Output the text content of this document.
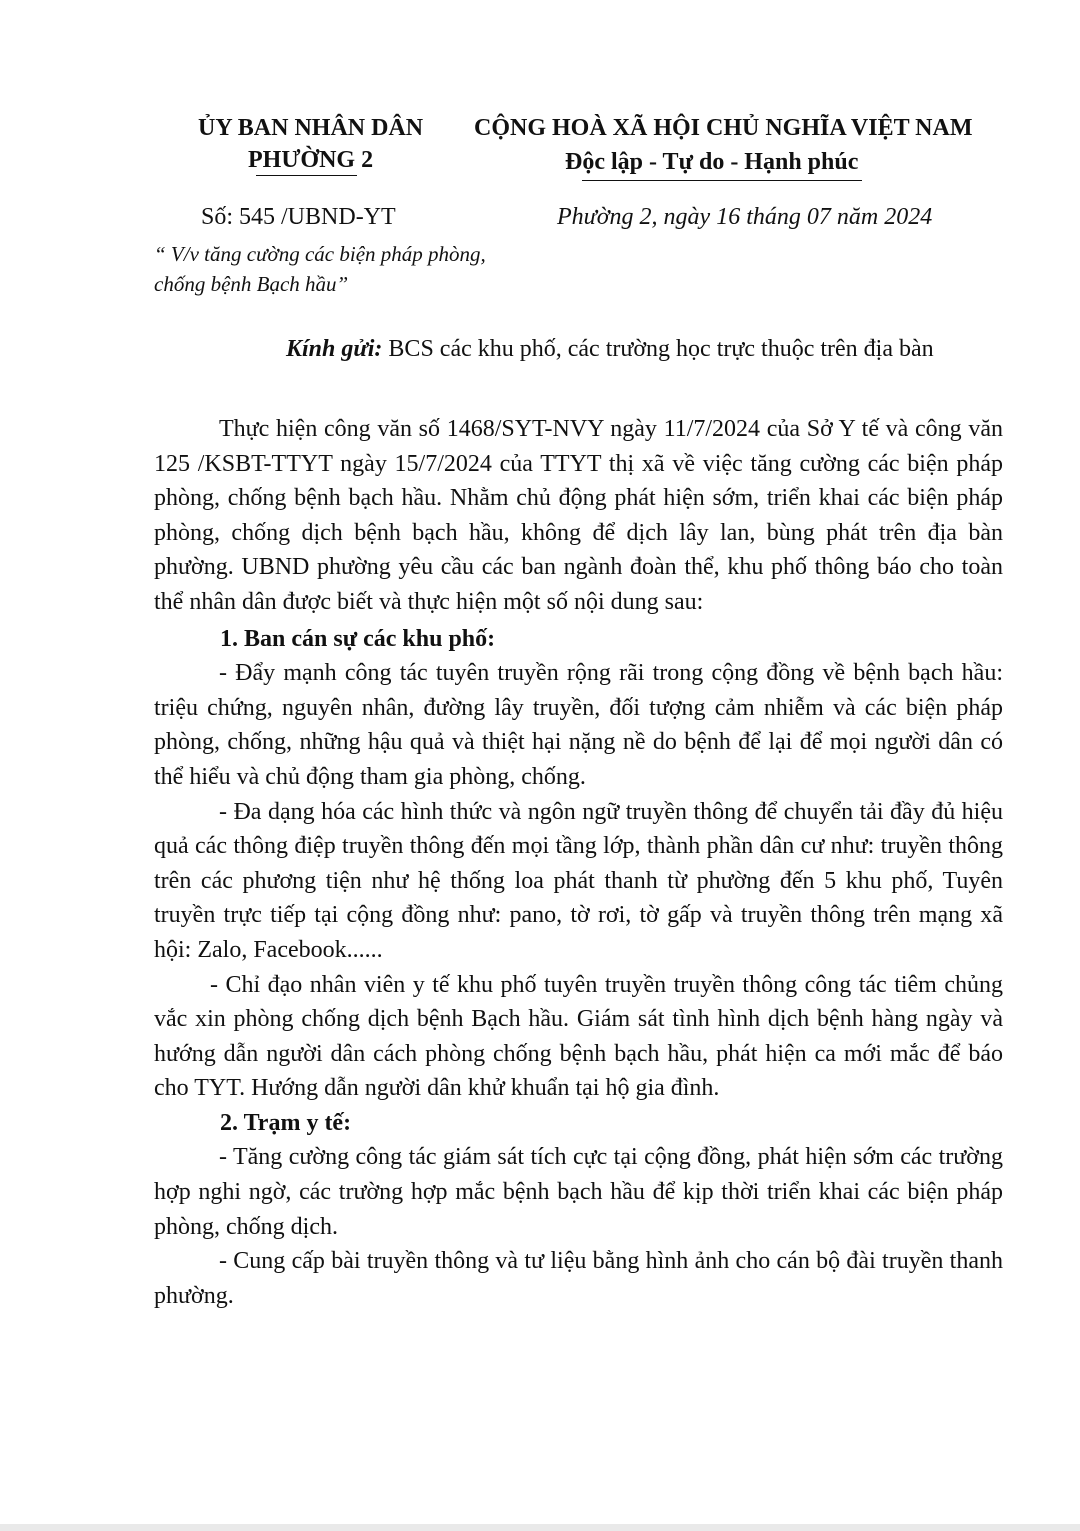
ỦY BAN NHÂN DÂN
PHƯỜNG 2
CỘNG HOÀ XÃ HỘI CHỦ NGHĨA VIỆT NAM
Độc lập - Tự do - Hạnh phúc
Số: 545 /UBND-YT	Phường 2, ngày 16 tháng 07 năm 2024
“ V/v tăng cường các biện pháp phòng,
chống bệnh Bạch hầu”
Kính gửi: BCS các khu phố, các trường học trực thuộc trên địa bàn

Thực hiện công văn số 1468/SYT-NVY ngày 11/7/2024 của Sở Y tế và công văn 125 /KSBT-TTYT ngày 15/7/2024 của TTYT thị xã về việc tăng cường các biện pháp phòng, chống bệnh bạch hầu. Nhằm chủ động phát hiện sớm, triển khai các biện pháp phòng, chống dịch bệnh bạch hầu, không để dịch lây lan, bùng phát trên địa bàn phường. UBND phường yêu cầu các ban ngành đoàn thể, khu phố thông báo cho toàn thể nhân dân được biết và thực hiện một số nội dung sau:

1. Ban cán sự các khu phố:

- Đẩy mạnh công tác tuyên truyền rộng rãi trong cộng đồng về bệnh bạch hầu: triệu chứng, nguyên nhân, đường lây truyền, đối tượng cảm nhiễm và các biện pháp phòng, chống, những hậu quả và thiệt hại nặng nề do bệnh để lại để mọi người dân có thể hiểu và chủ động tham gia phòng, chống.

- Đa dạng hóa các hình thức và ngôn ngữ truyền thông để chuyển tải đầy đủ hiệu quả các thông điệp truyền thông đến mọi tầng lớp, thành phần dân cư như: truyền thông trên các phương tiện như hệ thống loa phát thanh từ phường đến 5 khu phố, Tuyên truyền trực tiếp tại cộng đồng như: pano, tờ rơi, tờ gấp và truyền thông trên mạng xã hội: Zalo, Facebook......

- Chỉ đạo nhân viên y tế khu phố tuyên truyền truyền thông công tác tiêm chủng vắc xin phòng chống dịch bệnh Bạch hầu. Giám sát tình hình dịch bệnh hàng ngày và hướng dẫn người dân cách phòng chống bệnh bạch hầu, phát hiện ca mới mắc để báo cho TYT. Hướng dẫn người dân khử khuẩn tại hộ gia đình.

2. Trạm y tế:

- Tăng cường công tác giám sát tích cực tại cộng đồng, phát hiện sớm các trường hợp nghi ngờ, các trường hợp mắc bệnh bạch hầu để kịp thời triển khai các biện pháp phòng, chống dịch.

- Cung cấp bài truyền thông và tư liệu bằng hình ảnh cho cán bộ đài truyền thanh phường.
